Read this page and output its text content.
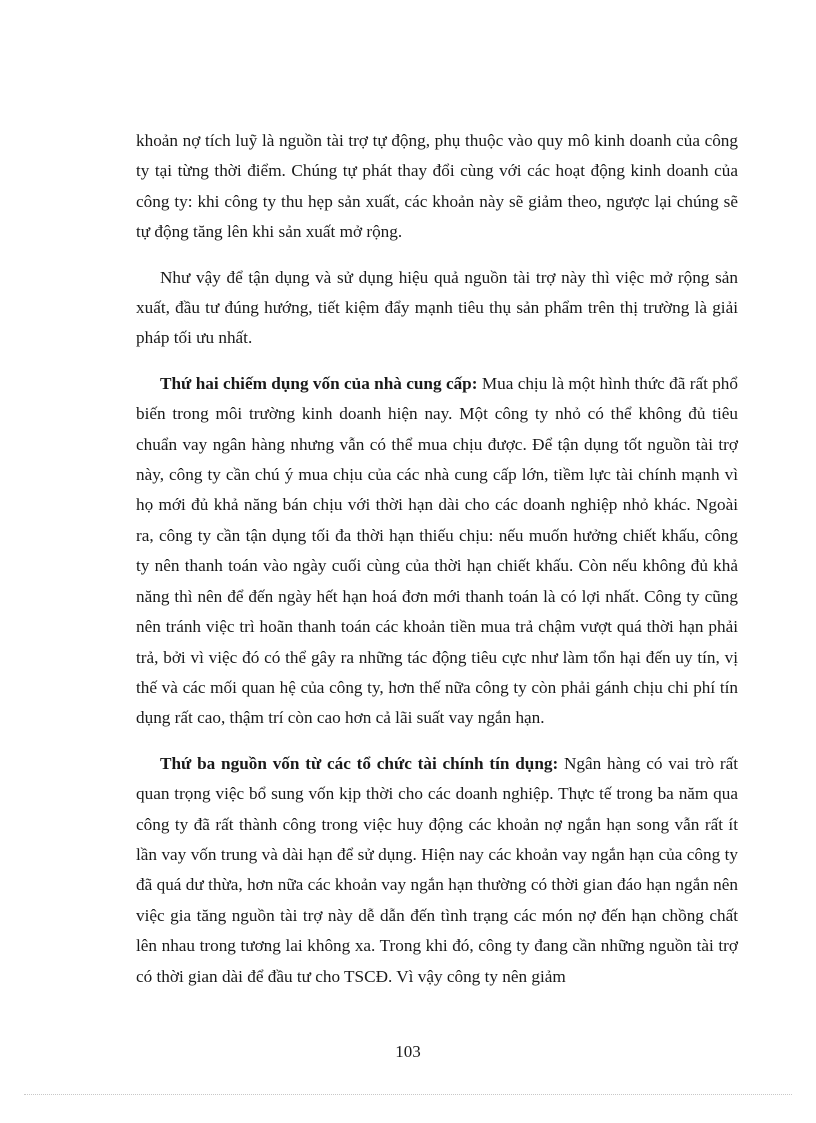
khoản nợ tích luỹ là nguồn tài trợ tự động, phụ thuộc vào quy mô kinh doanh của công ty tại từng thời điểm. Chúng tự phát thay đổi cùng với các hoạt động kinh doanh của công ty: khi công ty thu hẹp sản xuất, các khoản này sẽ giảm theo, ngược lại chúng sẽ tự động tăng lên khi sản xuất mở rộng.

Như vậy để tận dụng và sử dụng hiệu quả nguồn tài trợ này thì việc mở rộng sản xuất, đầu tư đúng hướng, tiết kiệm đẩy mạnh tiêu thụ sản phẩm trên thị trường là giải pháp tối ưu nhất.

Thứ hai chiếm dụng vốn của nhà cung cấp: Mua chịu là một hình thức đã rất phổ biến trong môi trường kinh doanh hiện nay. Một công ty nhỏ có thể không đủ tiêu chuẩn vay ngân hàng nhưng vẫn có thể mua chịu được. Để tận dụng tốt nguồn tài trợ này, công ty cần chú ý mua chịu của các nhà cung cấp lớn, tiềm lực tài chính mạnh vì họ mới đủ khả năng bán chịu với thời hạn dài cho các doanh nghiệp nhỏ khác. Ngoài ra, công ty cần tận dụng tối đa thời hạn thiếu chịu: nếu muốn hưởng chiết khấu, công ty nên thanh toán vào ngày cuối cùng của thời hạn chiết khấu. Còn nếu không đủ khả năng thì nên để đến ngày hết hạn hoá đơn mới thanh toán là có lợi nhất. Công ty cũng nên tránh việc trì hoãn thanh toán các khoản tiền mua trả chậm vượt quá thời hạn phải trả, bởi vì việc đó có thể gây ra những tác động tiêu cực như làm tổn hại đến uy tín, vị thế và các mối quan hệ của công ty, hơn thế nữa công ty còn phải gánh chịu chi phí tín dụng rất cao, thậm trí còn cao hơn cả lãi suất vay ngắn hạn.

Thứ ba nguồn vốn từ các tổ chức tài chính tín dụng: Ngân hàng có vai trò rất quan trọng việc bổ sung vốn kịp thời cho các doanh nghiệp. Thực tế trong ba năm qua công ty đã rất thành công trong việc huy động các khoản nợ ngắn hạn song vẫn rất ít lần vay vốn trung và dài hạn để sử dụng. Hiện nay các khoản vay ngắn hạn của công ty đã quá dư thừa, hơn nữa các khoản vay ngắn hạn thường có thời gian đáo hạn ngắn nên việc gia tăng nguồn tài trợ này dễ dẫn đến tình trạng các món nợ đến hạn chồng chất lên nhau trong tương lai không xa. Trong khi đó, công ty đang cần những nguồn tài trợ có thời gian dài để đầu tư cho TSCĐ. Vì vậy công ty nên giảm

103
